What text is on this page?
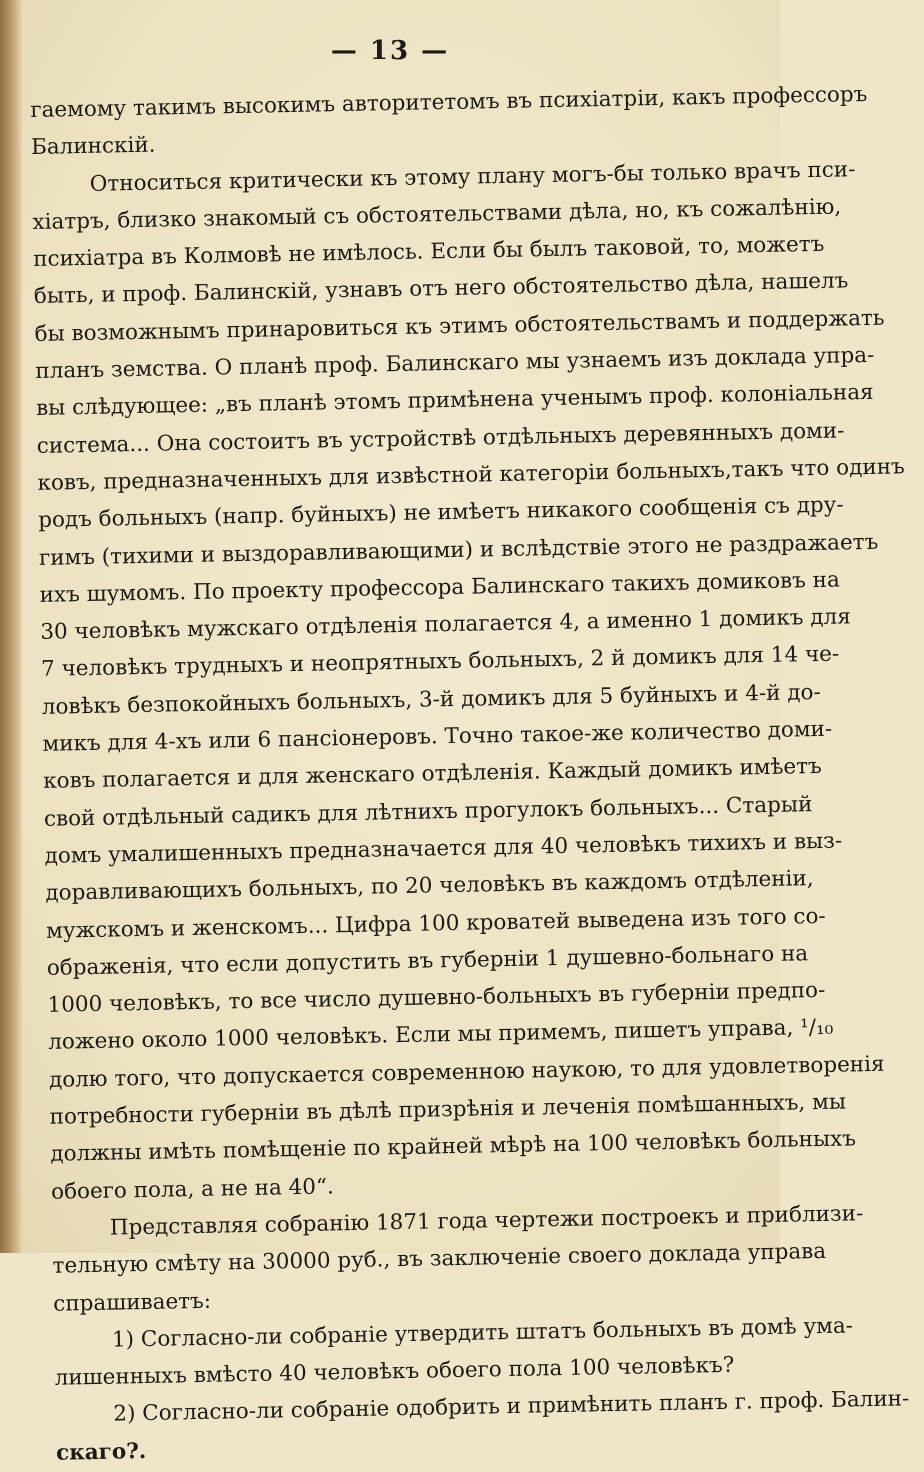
— 13 —
гаемому такимъ высокимъ авторитетомъ въ психіатріи, какъ профессоръ
Балинскій.
Относиться критически къ этому плану могъ-бы только врачъ пси-
хіатръ, близко знакомый съ обстоятельствами дѣла, но, къ сожалѣнію,
психіатра въ Колмовѣ не имѣлось. Если бы былъ таковой, то, можетъ
быть, и проф. Балинскій, узнавъ отъ него обстоятельство дѣла, нашелъ
бы возможнымъ принаровиться къ этимъ обстоятельствамъ и поддержать
планъ земства. О планѣ проф. Балинскаго мы узнаемъ изъ доклада упра-
вы слѣдующее: „въ планѣ этомъ примѣнена ученымъ проф. колоніальная
система... Она состоитъ въ устройствѣ отдѣльныхъ деревянныхъ доми-
ковъ, предназначенныхъ для извѣстной категоріи больныхъ,такъ что одинъ
родъ больныхъ (напр. буйныхъ) не имѣетъ никакого сообщенія съ дру-
гимъ (тихими и выздоравливающими) и вслѣдствіе этого не раздражаетъ
ихъ шумомъ. По проекту профессора Балинскаго такихъ домиковъ на
30 человѣкъ мужскаго отдѣленія полагается 4, а именно 1 домикъ для
7 человѣкъ трудныхъ и неопрятныхъ больныхъ, 2 й домикъ для 14 че-
ловѣкъ безпокойныхъ больныхъ, 3-й домикъ для 5 буйныхъ и 4-й до-
микъ для 4-хъ или 6 пансіонеровъ. Точно такое-же количество доми-
ковъ полагается и для женскаго отдѣленія. Каждый домикъ имѣетъ
свой отдѣльный садикъ для лѣтнихъ прогулокъ больныхъ... Старый
домъ умалишенныхъ предназначается для 40 человѣкъ тихихъ и выз-
доравливающихъ больныхъ, по 20 человѣкъ въ каждомъ отдѣленіи,
мужскомъ и женскомъ... Цифра 100 кроватей выведена изъ того со-
ображенія, что если допустить въ губерніи 1 душевно-больнаго на
1000 человѣкъ, то все число душевно-больныхъ въ губерніи предпо-
ложено около 1000 человѣкъ. Если мы примемъ, пишетъ управа, ¹/₁₀
долю того, что допускается современною наукою, то для удовлетворенія
потребности губерніи въ дѣлѣ призрѣнія и леченія помѣшанныхъ, мы
должны имѣть помѣщеніе по крайней мѣрѣ на 100 человѣкъ больныхъ
обоего пола, а не на 40“.
Представляя собранію 1871 года чертежи построекъ и приблизи-
тельную смѣту на 30000 руб., въ заключеніе своего доклада управа
спрашиваетъ:
1) Согласно-ли собраніе утвердить штатъ больныхъ въ домѣ ума-
лишенныхъ вмѣсто 40 человѣкъ обоего пола 100 человѣкъ?
2) Согласно-ли собраніе одобрить и примѣнить планъ г. проф. Балин-
скаго?.
